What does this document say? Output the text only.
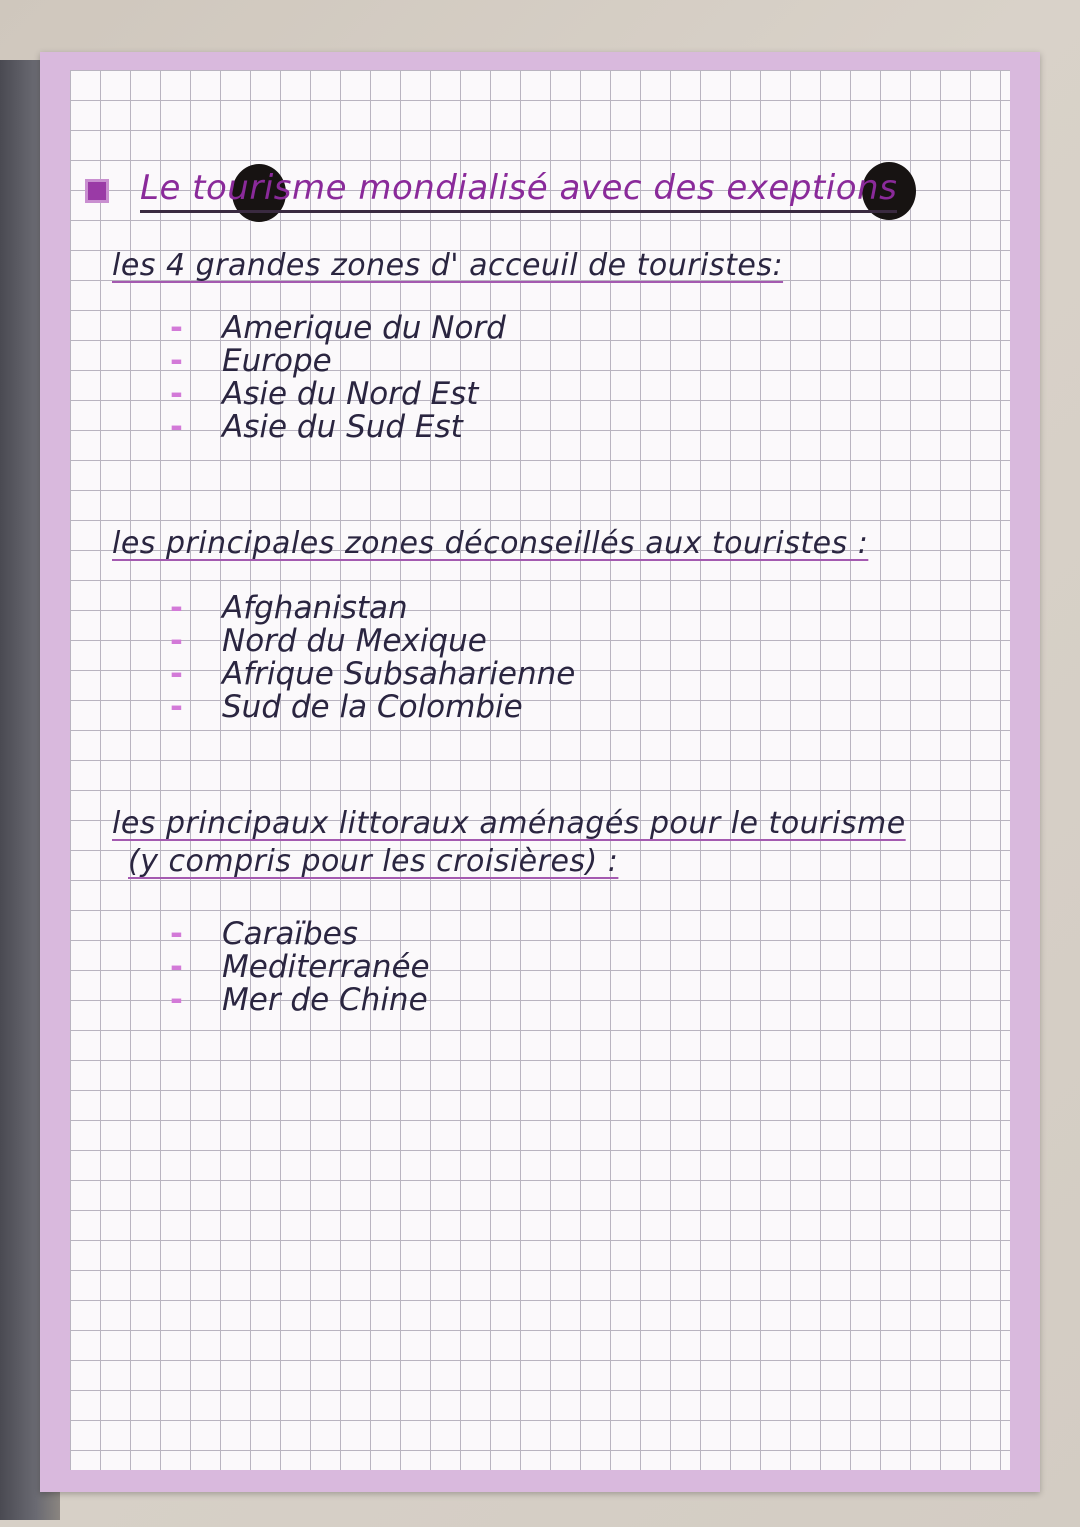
Le tourisme mondialisé avec des exeptions
les 4 grandes zones d' acceuil de touristes:
- Amerique du Nord
- Europe
- Asie du Nord Est
- Asie du Sud Est
les principales zones déconseillés aux touristes :
- Afghanistan
- Nord du Mexique
- Afrique Subsaharienne
- Sud de la Colombie
les principaux littoraux aménagés pour le tourisme
(y compris pour les croisières) :
- Caraïbes
- Mediterranée
- Mer de Chine
